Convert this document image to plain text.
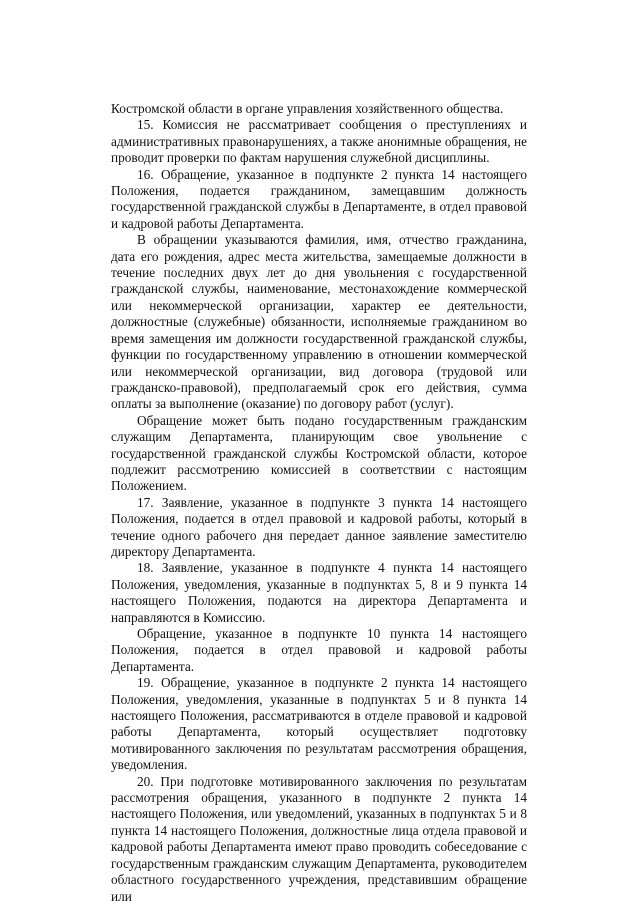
Костромской области в органе управления хозяйственного общества.

15. Комиссия не рассматривает сообщения о преступлениях и административных правонарушениях, а также анонимные обращения, не проводит проверки по фактам нарушения служебной дисциплины.

16. Обращение, указанное в подпункте 2 пункта 14 настоящего Положения, подается гражданином, замещавшим должность государственной гражданской службы в Департаменте, в отдел правовой и кадровой работы Департамента.

В обращении указываются фамилия, имя, отчество гражданина, дата его рождения, адрес места жительства, замещаемые должности в течение последних двух лет до дня увольнения с государственной гражданской службы, наименование, местонахождение коммерческой или некоммерческой организации, характер ее деятельности, должностные (служебные) обязанности, исполняемые гражданином во время замещения им должности государственной гражданской службы, функции по государственному управлению в отношении коммерческой или некоммерческой организации, вид договора (трудовой или гражданско-правовой), предполагаемый срок его действия, сумма оплаты за выполнение (оказание) по договору работ (услуг).

Обращение может быть подано государственным гражданским служащим Департамента, планирующим свое увольнение с государственной гражданской службы Костромской области, которое подлежит рассмотрению комиссией в соответствии с настоящим Положением.

17. Заявление, указанное в подпункте 3 пункта 14 настоящего Положения, подается в отдел правовой и кадровой работы, который в течение одного рабочего дня передает данное заявление заместителю директору Департамента.

18. Заявление, указанное в подпункте 4 пункта 14 настоящего Положения, уведомления, указанные в подпунктах 5, 8 и 9 пункта 14 настоящего Положения, подаются на директора Департамента и направляются в Комиссию.

Обращение, указанное в подпункте 10 пункта 14 настоящего Положения, подается в отдел правовой и кадровой работы Департамента.

19. Обращение, указанное в подпункте 2 пункта 14 настоящего Положения, уведомления, указанные в подпунктах 5 и 8 пункта 14 настоящего Положения, рассматриваются в отделе правовой и кадровой работы Департамента, который осуществляет подготовку мотивированного заключения по результатам рассмотрения обращения, уведомления.

20. При подготовке мотивированного заключения по результатам рассмотрения обращения, указанного в подпункте 2 пункта 14 настоящего Положения, или уведомлений, указанных в подпунктах 5 и 8 пункта 14 настоящего Положения, должностные лица отдела правовой и кадровой работы Департамента имеют право проводить собеседование с государственным гражданским служащим Департамента, руководителем областного государственного учреждения, представившим обращение или
